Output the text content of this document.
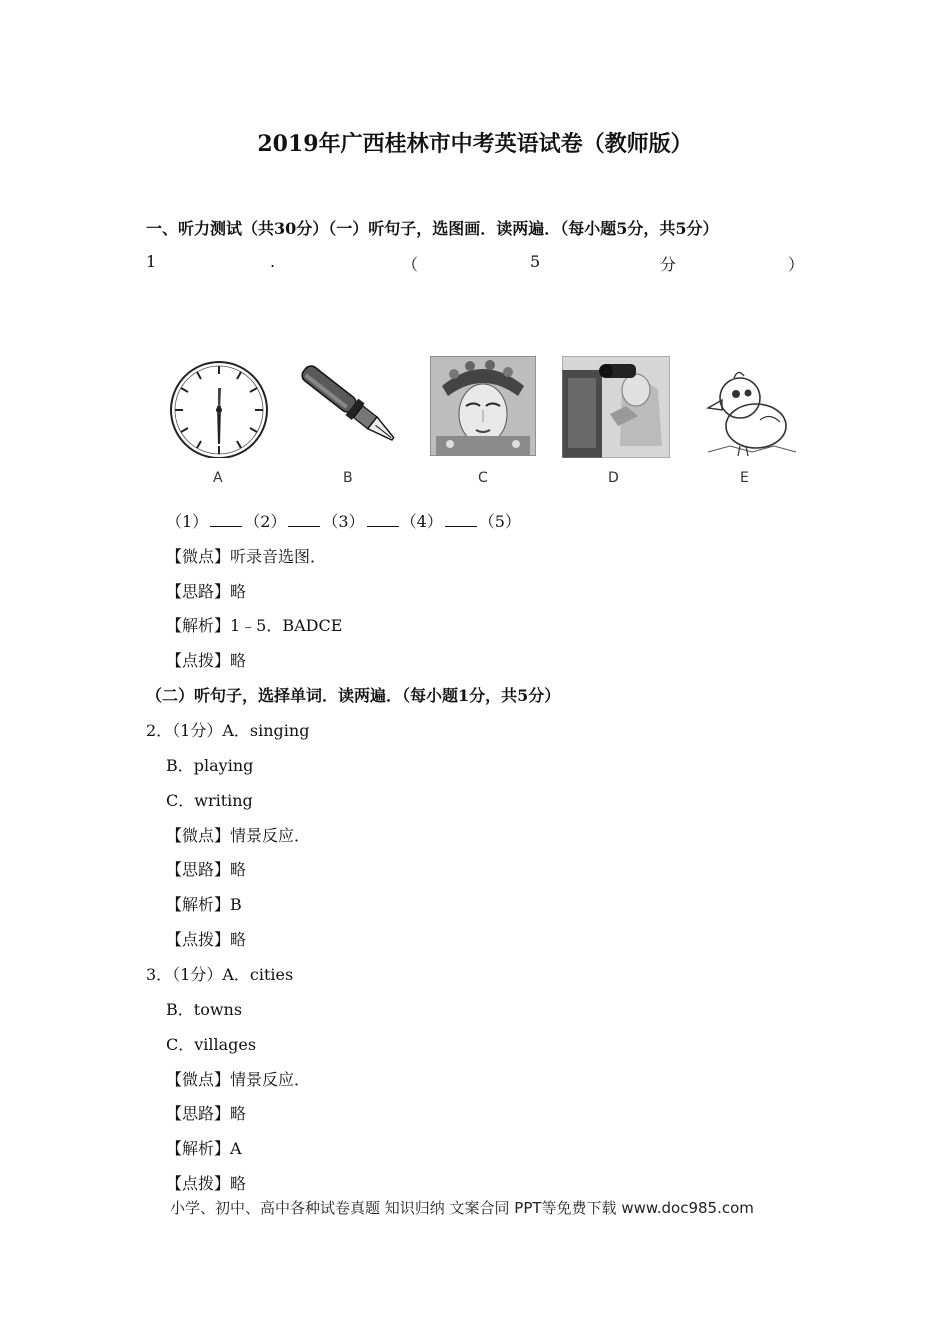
2019年广西桂林市中考英语试卷（教师版）
一、听力测试（共30分）（一）听句子，选图画．读两遍．（每小题5分，共5分）
1	.	（	5	分	）
A	B	C	D	E
（1） （2） （3） （4） （5）
【微点】听录音选图．
【思路】略
【解析】1﹣5．BADCE
【点拨】略
（二）听句子，选择单词．读两遍．（每小题1分，共5分）
2．（1分）A．singing
B．playing
C．writing
【微点】情景反应．
【思路】略
【解析】B
【点拨】略
3．（1分）A．cities
B．towns
C．villages
【微点】情景反应．
【思路】略
【解析】A
【点拨】略
小学、初中、高中各种试卷真题 知识归纳 文案合同 PPT等免费下载 www.doc985.com
